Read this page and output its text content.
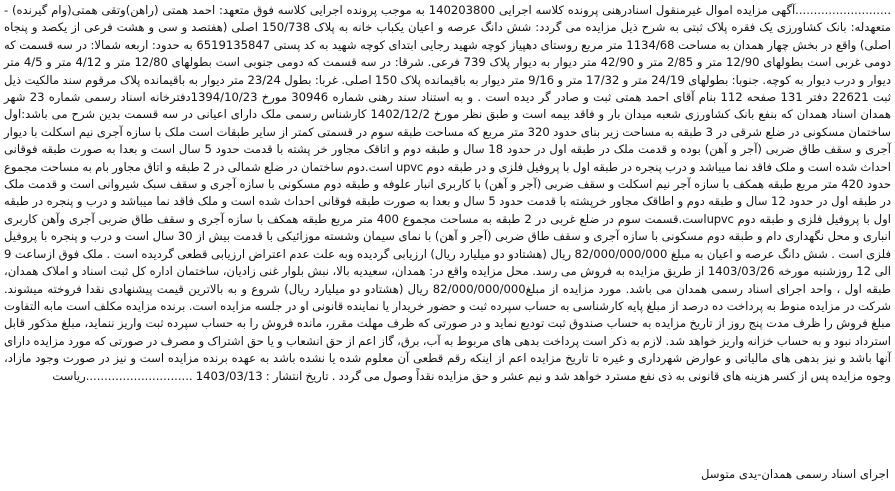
..........................آگهی مزایده اموال غیرمنقول اسنادرهنی پرونده کلاسه اجرایی 140203800 به موجب پرونده اجرایی کلاسه فوق متعهد: احمد همتی (راهن)وتقی همتی(وام گیرنده) - متعهدله: بانک کشاورزی یک فقره پلاک ثبتی به شرح ذیل مزایده می گردد: شش دانگ عرصه و اعیان یکباب خانه به پلاک 150/738 اصلی (هفتصد و سی و هشت فرعی از یکصد و پنجاه اصلی) واقع در بخش چهار همدان به مساحت 1134/68 متر مربع روستای دهپیاز کوچه شهید رجایی ابتدای کوچه شهید به کد پستی 6519135847 به حدود: اربعه شمالا: در سه قسمت که دومی غربی است بطولهای 12/90 متر و 2/85 متر و 42/90 متر دیوار به دیوار پلاک 739 فرعی. شرقا: در سه قسمت که دومی جنوبی است بطولهای 12/80 متر و 4/12 متر و 4/5 متر دیوار و درب دیوار به کوچه. جنوبا: بطولهای 24/19 متر و 17/32 متر و 9/16 متر دیوار به باقیمانده پلاک 150 اصلی. غربا: بطول 23/24 متر دیوار به باقیمانده پلاک مرقوم سند مالکیت ذیل ثبت 22621 دفتر 131 صفحه 112 بنام آقای احمد همتی ثبت و صادر گر دیده است . و به استناد سند رهنی شماره 30946 مورخ 1394/10/23دفترخانه اسناد رسمی شماره 23 شهر همدان اسناد همدان که بنفع بانک کشاورزی شعبه میدان بار و فاقد بیمه است و طبق نظر مورخ 1402/12/2 کارشناس رسمی ملک دارای اعیانی در سه قسمت بدین شرح می باشد:اول ساختمان مسکونی در ضلع شرقی در 3 طبقه به مساحت زیر بنای حدود 320 متر مربع که مساحت طبقه سوم در قسمتی کمتر از سایر طبقات است ملک با سازه آجری نیم اسکلت با دیوار آجری و سقف طاق ضربی (آجر و آهن) بوده و قدمت ملک در طبقه اول در حدود 18 سال و طبقه دوم و اتاقک مجاور خر پشته با قدمت حدود 5 سال است و بعدا به صورت طبقه فوقانی احداث شده است و ملک فاقد نما میباشد و درب پنجره در طبقه اول با پروفیل فلزی و در طبقه دوم upvc است.دوم ساختمان در ضلع شمالی در 2 طبقه و اتاق مجاور بام به مساحت مجموع حدود 420 متر مربع طبقه همکف با سازه آجر نیم اسکلت و سقف ضربی (آجر و آهن) با کاربری انبار علوفه و طبقه دوم مسکونی با سازه آجری و سقف سبک شیروانی است و قدمت ملک در طبقه اول در حدود 12 سال و طبقه دوم و اطاقک مجاور خرپشته با قدمت حدود 5 سال و بعدا به صورت طبقه فوقانی احداث شده است و ملک فاقد نما میباشد و درب و پنجره در طبقه اول با پروفیل فلزی و طبقه دوم upvcاست.قسمت سوم در ضلع غربی در 2 طبقه به مساحت مجموع 400 متر مربع طبقه همکف با سازه آجری و سقف طاق ضربی آجری وآهن کاربری انباری و محل نگهداری دام و طبقه دوم مسکونی با سازه آجری و سقف طاق ضربی (آجر و آهن) با نمای سیمان وشسته موزائیکی با قدمت بیش از 30 سال است و درب و پنجره با پروفیل فلزی است . شش دانگ عرصه و اعیان به مبلغ 82/000/000/000 ریال (هشتادو دو میلیارد ریال) ارزیابی گردیده وبه علت عدم اعتراض ارزیابی قطعی گردیده است . ملک فوق ازساعت 9 الی 12 روزشنبه مورخه 1403/03/26 از طریق مزایده به فروش می رسد. محل مزایده واقع در: همدان، سعیدیه بالا، نبش بلوار غنی زادیان، ساختمان اداره کل ثبت اسناد و املاک همدان، طبقه اول ، واحد اجرای اسناد رسمی همدان می باشد. مورد مزایده از مبلغ82/000/000/000 ریال (هشتادو دو میلیارد ریال) شروع و به بالاترین قیمت پیشنهادی نقدا فروخته میشوند. شرکت در مزایده منوط به پرداخت ده درصد از مبلغ پایه کارشناسی به حساب سپرده ثبت و حضور خریدار یا نماینده قانونی او در جلسه مزایده است. برنده مزایده مکلف است مابه التفاوت مبلغ فروش را ظرف مدت پنج روز از تاریخ مزایده به حساب صندوق ثبت تودیع نماید و در صورتی که ظرف مهلت مقرر، مانده فروش را به حساب سپرده ثبت واریز ننماید، مبلغ مذکور قابل استرداد نبود و به حساب خزانه واریز خواهد شد. لازم به ذکر است پرداخت بدهی های مربوط به آب، برق، گاز اعم از حق انشعاب و یا حق اشتراک و مصرف در صورتی که مورد مزایده دارای آنها باشد و نیز بدهی های مالیاتی و عوارض شهرداری و غیره تا تاریخ مزایده اعم از اینکه رقم قطعی آن معلوم شده یا نشده باشد به عهده برنده مزایده است و نیز در صورت وجود مازاد، وجوه مزایده پس از کسر هزینه های قانونی به ذی نفع مسترد خواهد شد و نیم عشر و حق مزایده نقداً وصول می گردد . تاریخ انتشار : 1403/03/13 .............................رياست

اجرای اسناد رسمی همدان-یدی متوسل
